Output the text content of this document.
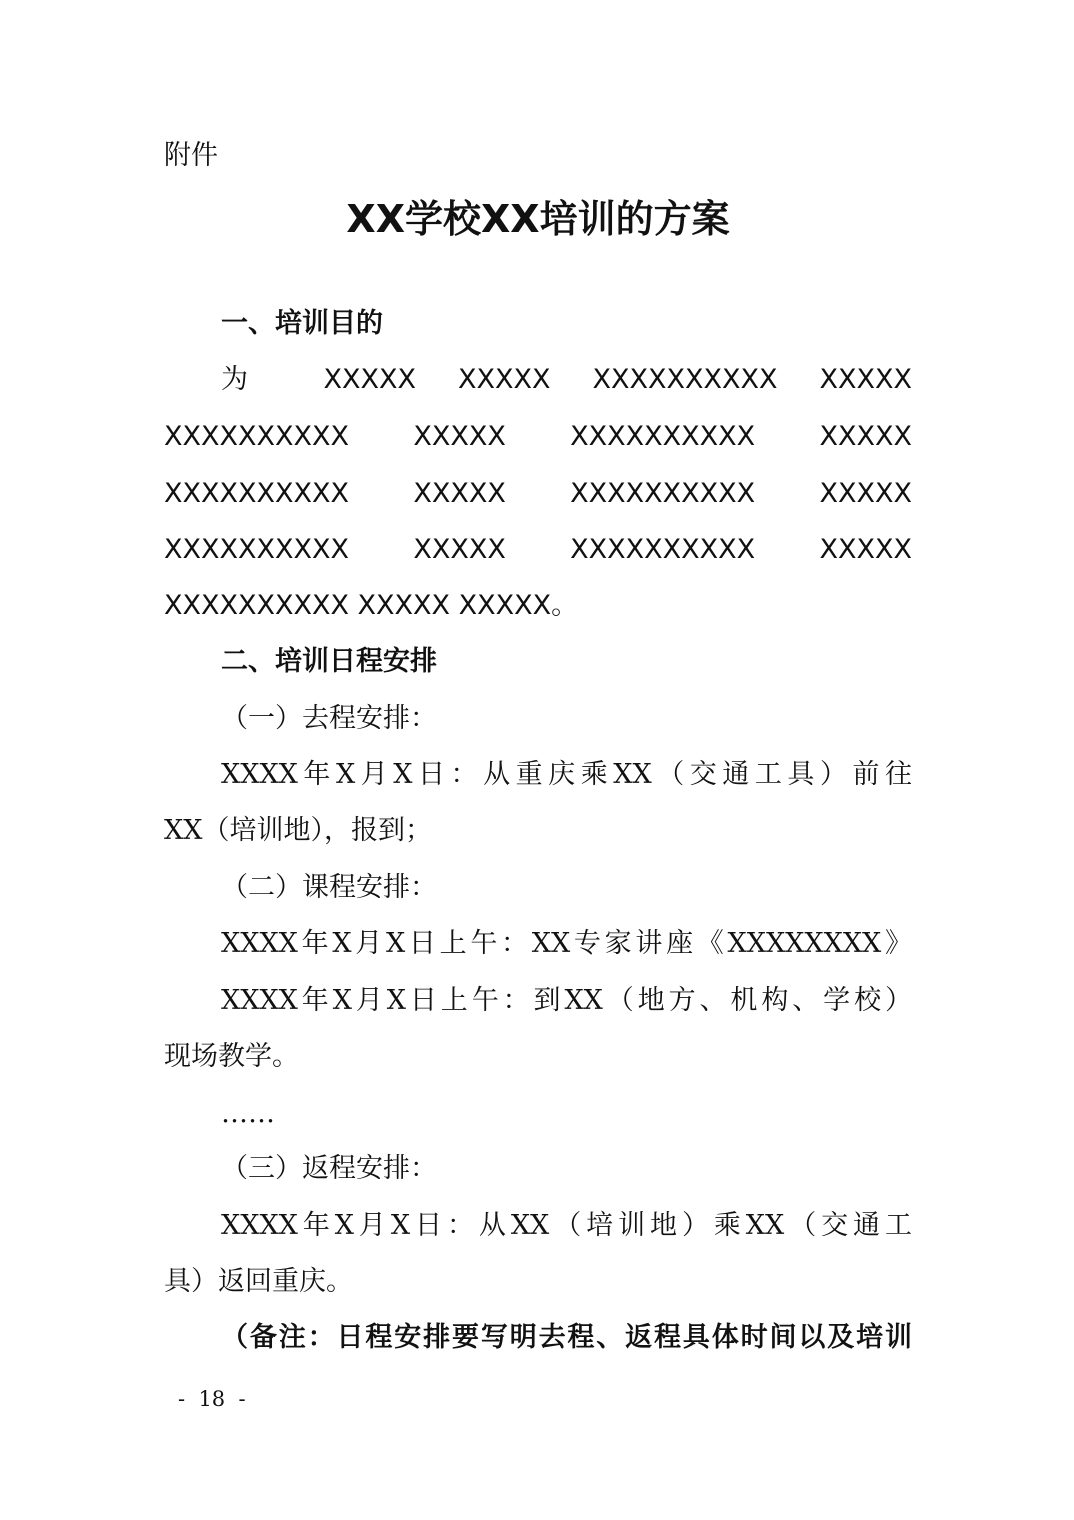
附件
XX学校XX培训的方案
一、培训目的
为 XXXXX XXXXX XXXXXXXXXX XXXXX
XXXXXXXXXX XXXXX XXXXXXXXXX XXXXX
XXXXXXXXXX XXXXX XXXXXXXXXX XXXXX
XXXXXXXXXX XXXXX XXXXXXXXXX XXXXX
XXXXXXXXXX XXXXX XXXXX。
二、培训日程安排
（一）去程安排：
XXXX年X月X日：从重庆乘XX（交通工具）前往
XX（培训地），报到；
（二）课程安排：
XXXX年X月X日上午：XX专家讲座《XXXXXXXX》
XXXX年X月X日上午：到XX（地方、机构、学校）
现场教学。
……
（三）返程安排：
XXXX年X月X日：从XX（培训地）乘XX（交通工
具）返回重庆。
（备注：日程安排要写明去程、返程具体时间以及培训
-  18  -
